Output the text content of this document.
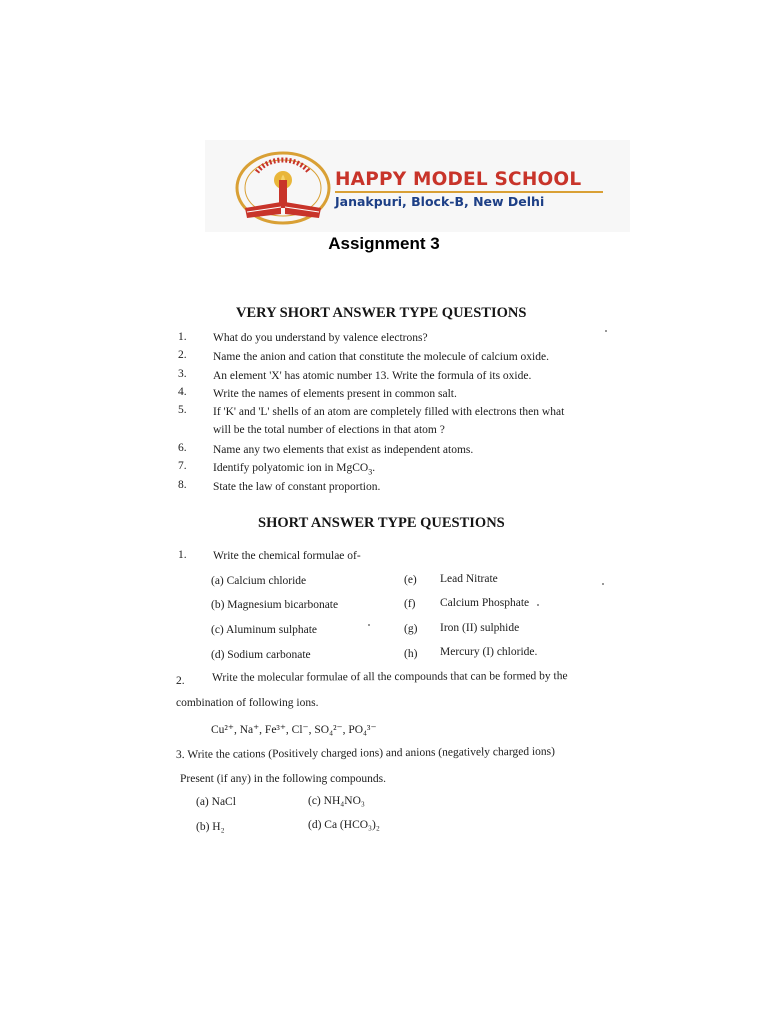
HAPPY MODEL SCHOOL
Janakpuri, Block-B, New Delhi
Assignment 3
VERY SHORT ANSWER TYPE QUESTIONS
1. What do you understand by valence electrons?
2. Name the anion and cation that constitute the molecule of calcium oxide.
3. An element 'X' has atomic number 13. Write the formula of its oxide.
4. Write the names of elements present in common salt.
5. If 'K' and 'L' shells of an atom are completely filled with electrons then what
will be the total number of elections in that atom ?
6. Name any two elements that exist as independent atoms.
7. Identify polyatomic ion in MgCO$_3$.
8. State the law of constant proportion.
SHORT ANSWER TYPE QUESTIONS
1. Write the chemical formulae of-
(a) Calcium chloride
(b) Magnesium bicarbonate
(c) Aluminum sulphate
(d) Sodium carbonate
(e)
(f)
(g)
(h)
Lead Nitrate
Calcium Phosphate
Iron (II) sulphide
Mercury (I) chloride.
2. Write the molecular formulae of all the compounds that can be formed by the
combination of following ions.
Cu²⁺, Na⁺, Fe³⁺, Cl⁻, SO₄²⁻, PO₄³⁻
3. Write the cations (Positively charged ions) and anions (negatively charged ions)
Present (if any) in the following compounds.
(a) NaCl
(b) H₂
(c) NH₄NO₃
(d) Ca (HCO₃)₂
